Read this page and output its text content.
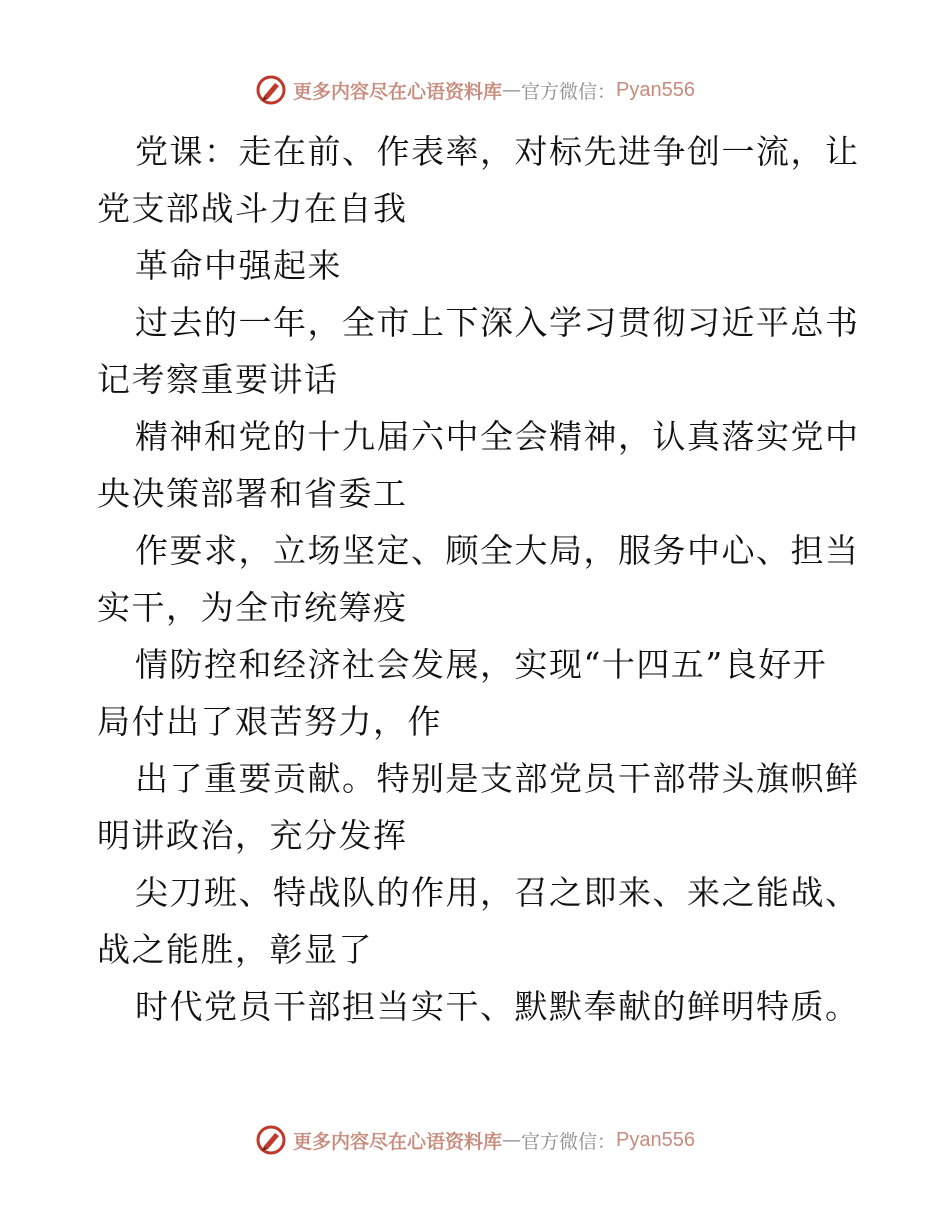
更多内容尽在心语资料库 — 官方微信： Pyan556
党课：走在前、作表率，对标先进争创一流，让
党支部战斗力在自我
革命中强起来
过去的一年，全市上下深入学习贯彻习近平总书
记考察重要讲话
精神和党的十九届六中全会精神，认真落实党中
央决策部署和省委工
作要求，立场坚定、顾全大局，服务中心、担当
实干，为全市统筹疫
情防控和经济社会发展，实现“十四五”良好开
局付出了艰苦努力，作
出了重要贡献。特别是支部党员干部带头旗帜鲜
明讲政治，充分发挥
尖刀班、特战队的作用，召之即来、来之能战、
战之能胜，彰显了
时代党员干部担当实干、默默奉献的鲜明特质。
更多内容尽在心语资料库 — 官方微信： Pyan556
